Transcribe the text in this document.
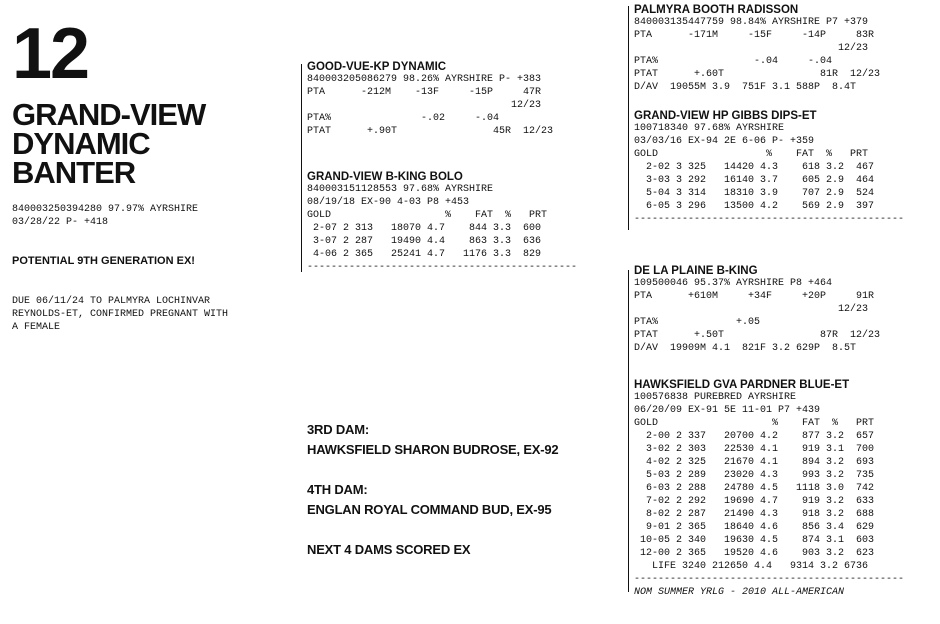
12
GRAND-VIEW
DYNAMIC
BANTER
840003250394280 97.97% AYRSHIRE
03/28/22 P- +418
POTENTIAL 9TH GENERATION EX!
DUE 06/11/24 TO PALMYRA LOCHINVAR
REYNOLDS-ET, CONFIRMED PREGNANT WITH
A FEMALE
GOOD-VUE-KP DYNAMIC
840003205086279 98.26% AYRSHIRE P- +383
PTA      -212M    -13F     -15P     47R
12/23
PTA%               -.02     -.04
PTAT      +.90T                45R  12/23
GRAND-VIEW B-KING BOLO
840003151128553 97.68% AYRSHIRE
08/19/18 EX-90 4-03 P8 +453
GOLD                   %    FAT  %   PRT
2-07 2 313   18070 4.7    844 3.3  600
3-07 2 287   19490 4.4    863 3.3  636
4-06 2 365   25241 4.7   1176 3.3  829
---------------------------------------------
PALMYRA BOOTH RADISSON
840003135447759 98.84% AYRSHIRE P7 +379
PTA      -171M     -15F     -14P     83R
12/23
PTA%                -.04     -.04
PTAT      +.60T                81R  12/23
D/AV  19055M 3.9  751F 3.1 588P  8.4T
GRAND-VIEW HP GIBBS DIPS-ET
100718340 97.68% AYRSHIRE
03/03/16 EX-94 2E 6-06 P- +359
GOLD                  %    FAT  %   PRT
2-02 3 325   14420 4.3    618 3.2  467
3-03 3 292   16140 3.7    605 2.9  464
5-04 3 314   18310 3.9    707 2.9  524
6-05 3 296   13500 4.2    569 2.9  397
---------------------------------------------
DE LA PLAINE B-KING
109500046 95.37% AYRSHIRE P8 +464
PTA      +610M     +34F     +20P     91R
12/23
PTA%             +.05
PTAT      +.50T                87R  12/23
D/AV  19909M 4.1  821F 3.2 629P  8.5T
HAWKSFIELD GVA PARDNER BLUE-ET
100576838 PUREBRED AYRSHIRE
06/20/09 EX-91 5E 11-01 P7 +439
GOLD                   %    FAT  %   PRT
2-00 2 337   20700 4.2    877 3.2  657
3-02 2 303   22530 4.1    919 3.1  700
4-02 2 325   21670 4.1    894 3.2  693
5-03 2 289   23020 4.3    993 3.2  735
6-03 2 288   24780 4.5   1118 3.0  742
7-02 2 292   19690 4.7    919 3.2  633
8-02 2 287   21490 4.3    918 3.2  688
9-01 2 365   18640 4.6    856 3.4  629
10-05 2 340   19630 4.5    874 3.1  603
12-00 2 365   19520 4.6    903 3.2  623
LIFE 3240 212650 4.4   9314 3.2 6736
---------------------------------------------
NOM SUMMER YRLG - 2010 ALL-AMERICAN
3RD DAM:
HAWKSFIELD SHARON BUDROSE, EX-92
4TH DAM:
ENGLAN ROYAL COMMAND BUD, EX-95
NEXT 4 DAMS SCORED EX
